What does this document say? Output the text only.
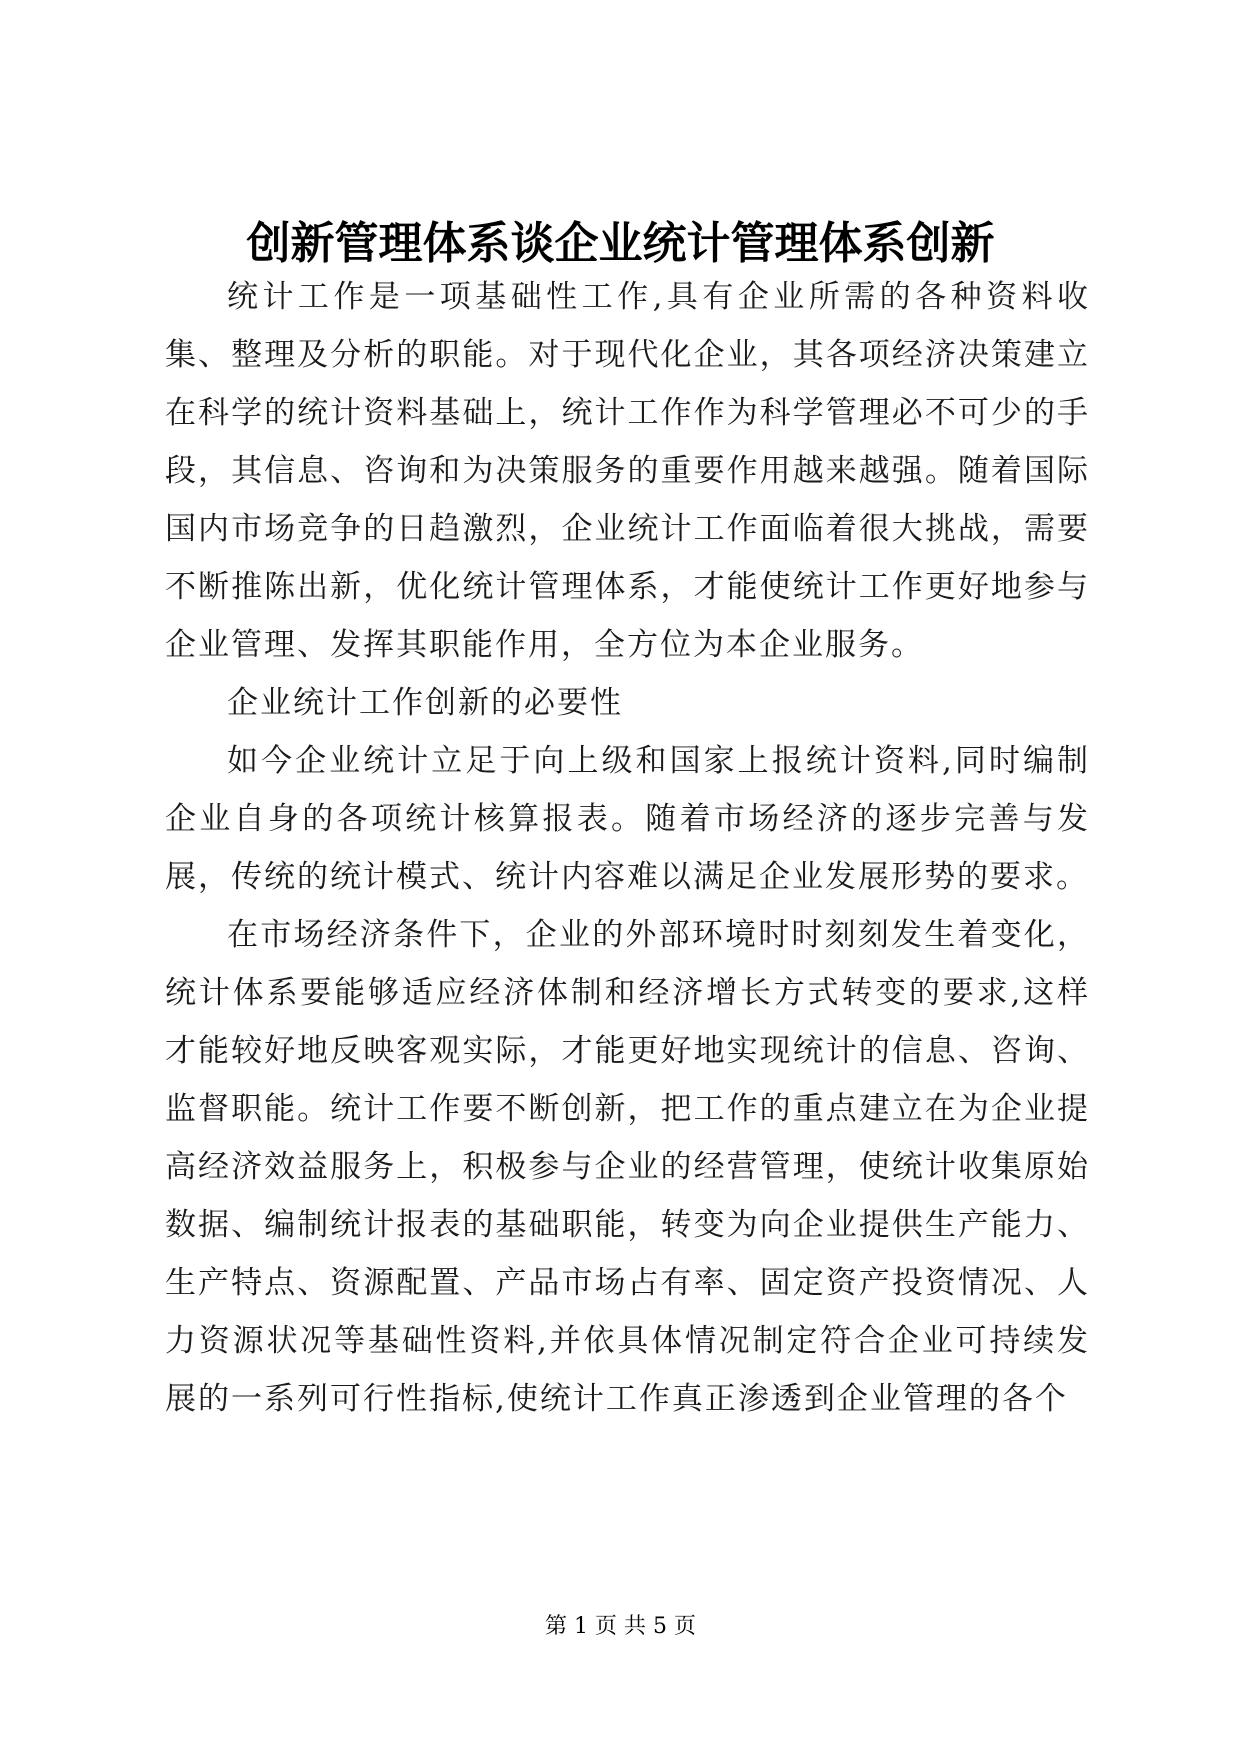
创新管理体系谈企业统计管理体系创新

统计工作是一项基础性工作,具有企业所需的各种资料收集、整理及分析的职能。对于现代化企业，其各项经济决策建立在科学的统计资料基础上，统计工作作为科学管理必不可少的手段，其信息、咨询和为决策服务的重要作用越来越强。随着国际国内市场竞争的日趋激烈，企业统计工作面临着很大挑战，需要不断推陈出新，优化统计管理体系，才能使统计工作更好地参与企业管理、发挥其职能作用，全方位为本企业服务。

企业统计工作创新的必要性

如今企业统计立足于向上级和国家上报统计资料,同时编制企业自身的各项统计核算报表。随着市场经济的逐步完善与发展，传统的统计模式、统计内容难以满足企业发展形势的要求。

在市场经济条件下，企业的外部环境时时刻刻发生着变化，统计体系要能够适应经济体制和经济增长方式转变的要求,这样才能较好地反映客观实际，才能更好地实现统计的信息、咨询、监督职能。统计工作要不断创新，把工作的重点建立在为企业提高经济效益服务上，积极参与企业的经营管理，使统计收集原始数据、编制统计报表的基础职能，转变为向企业提供生产能力、生产特点、资源配置、产品市场占有率、固定资产投资情况、人力资源状况等基础性资料,并依具体情况制定符合企业可持续发展的一系列可行性指标,使统计工作真正渗透到企业管理的各个

第 1 页 共 5 页
